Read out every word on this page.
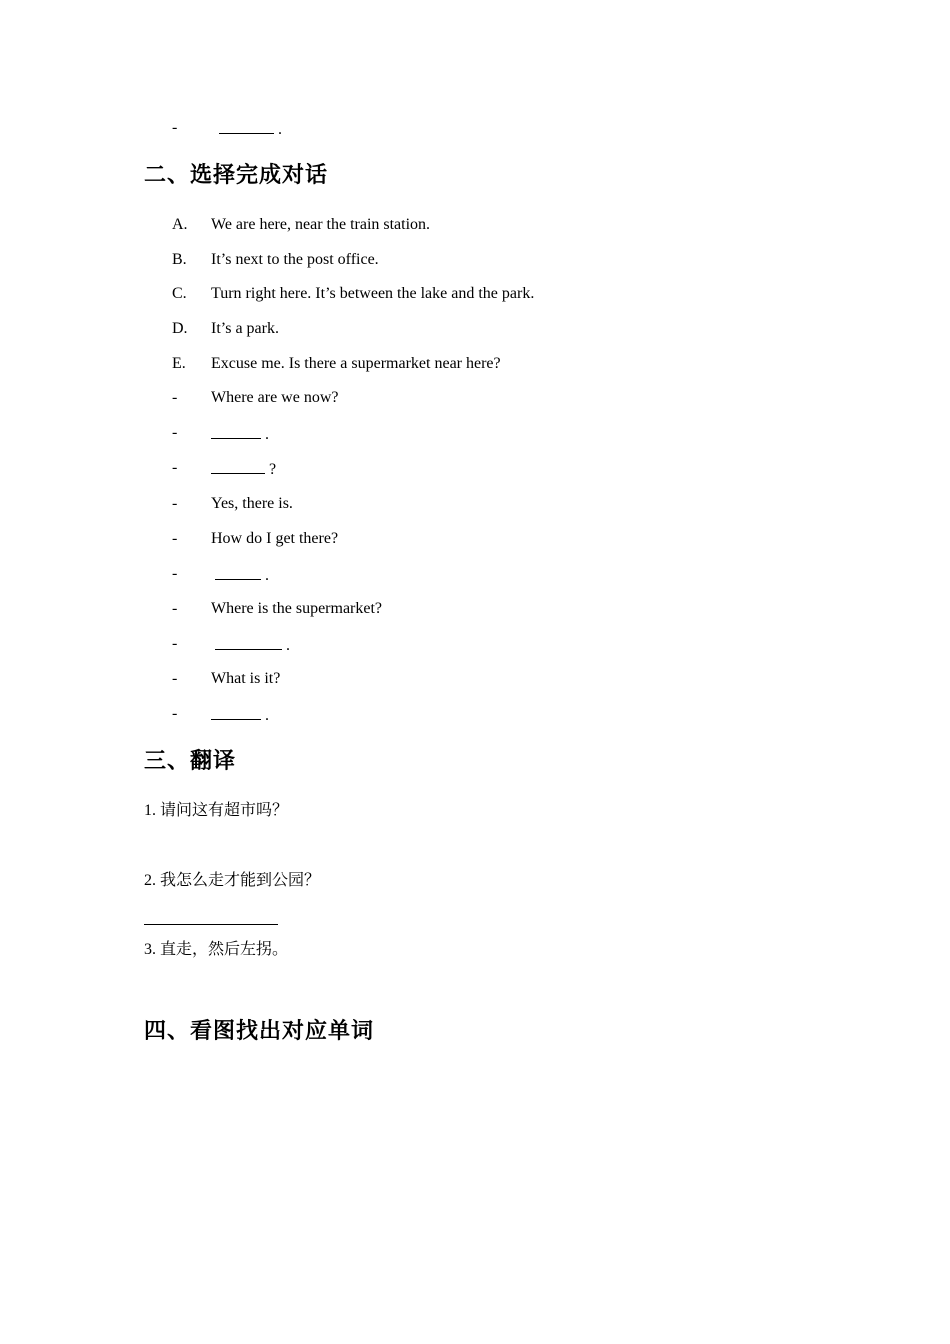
-	.
二、选择完成对话
A. We are here, near the train station.
B. It’s next to the post office.
C. Turn right here. It’s between the lake and the park.
D. It’s a park.
E. Excuse me. Is there a supermarket near here?
- Where are we now?
-	.
-	?
- Yes, there is.
- How do I get there?
-	.
- Where is the supermarket?
-	.
- What is it?
-	.
三、翻译
1. 请问这有超市吗？
2. 我怎么走才能到公园？
3. 直走，然后左拐。
四、看图找出对应单词
